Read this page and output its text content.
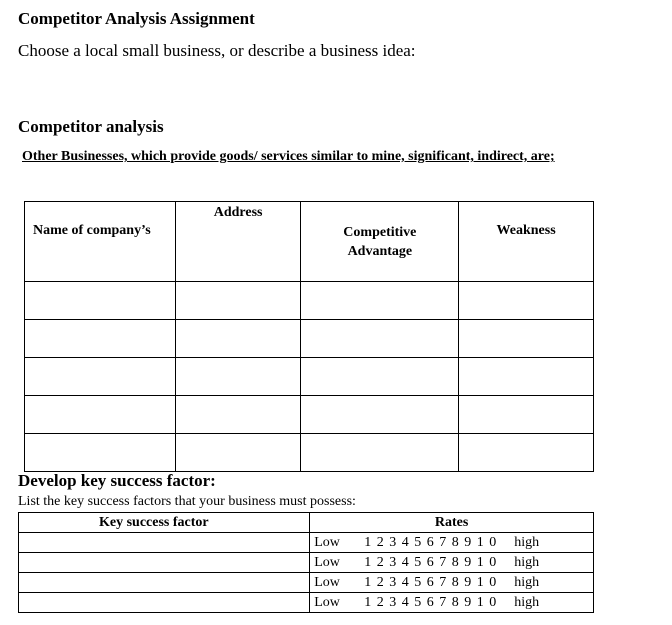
Competitor Analysis Assignment
Choose a local small business, or describe a business idea:
Competitor analysis
Other Businesses, which provide goods/ services similar to mine, significant, indirect, are;
Name of company’s	Address	Competitive Advantage	Weakness

Develop key success factor:
List the key success factors that your business must possess:
Key success factor	Rates

	Low 1 2 3 4 5 6 7 8 9 1 0 high

	Low 1 2 3 4 5 6 7 8 9 1 0 high

	Low 1 2 3 4 5 6 7 8 9 1 0 high

	Low 1 2 3 4 5 6 7 8 9 1 0 high
